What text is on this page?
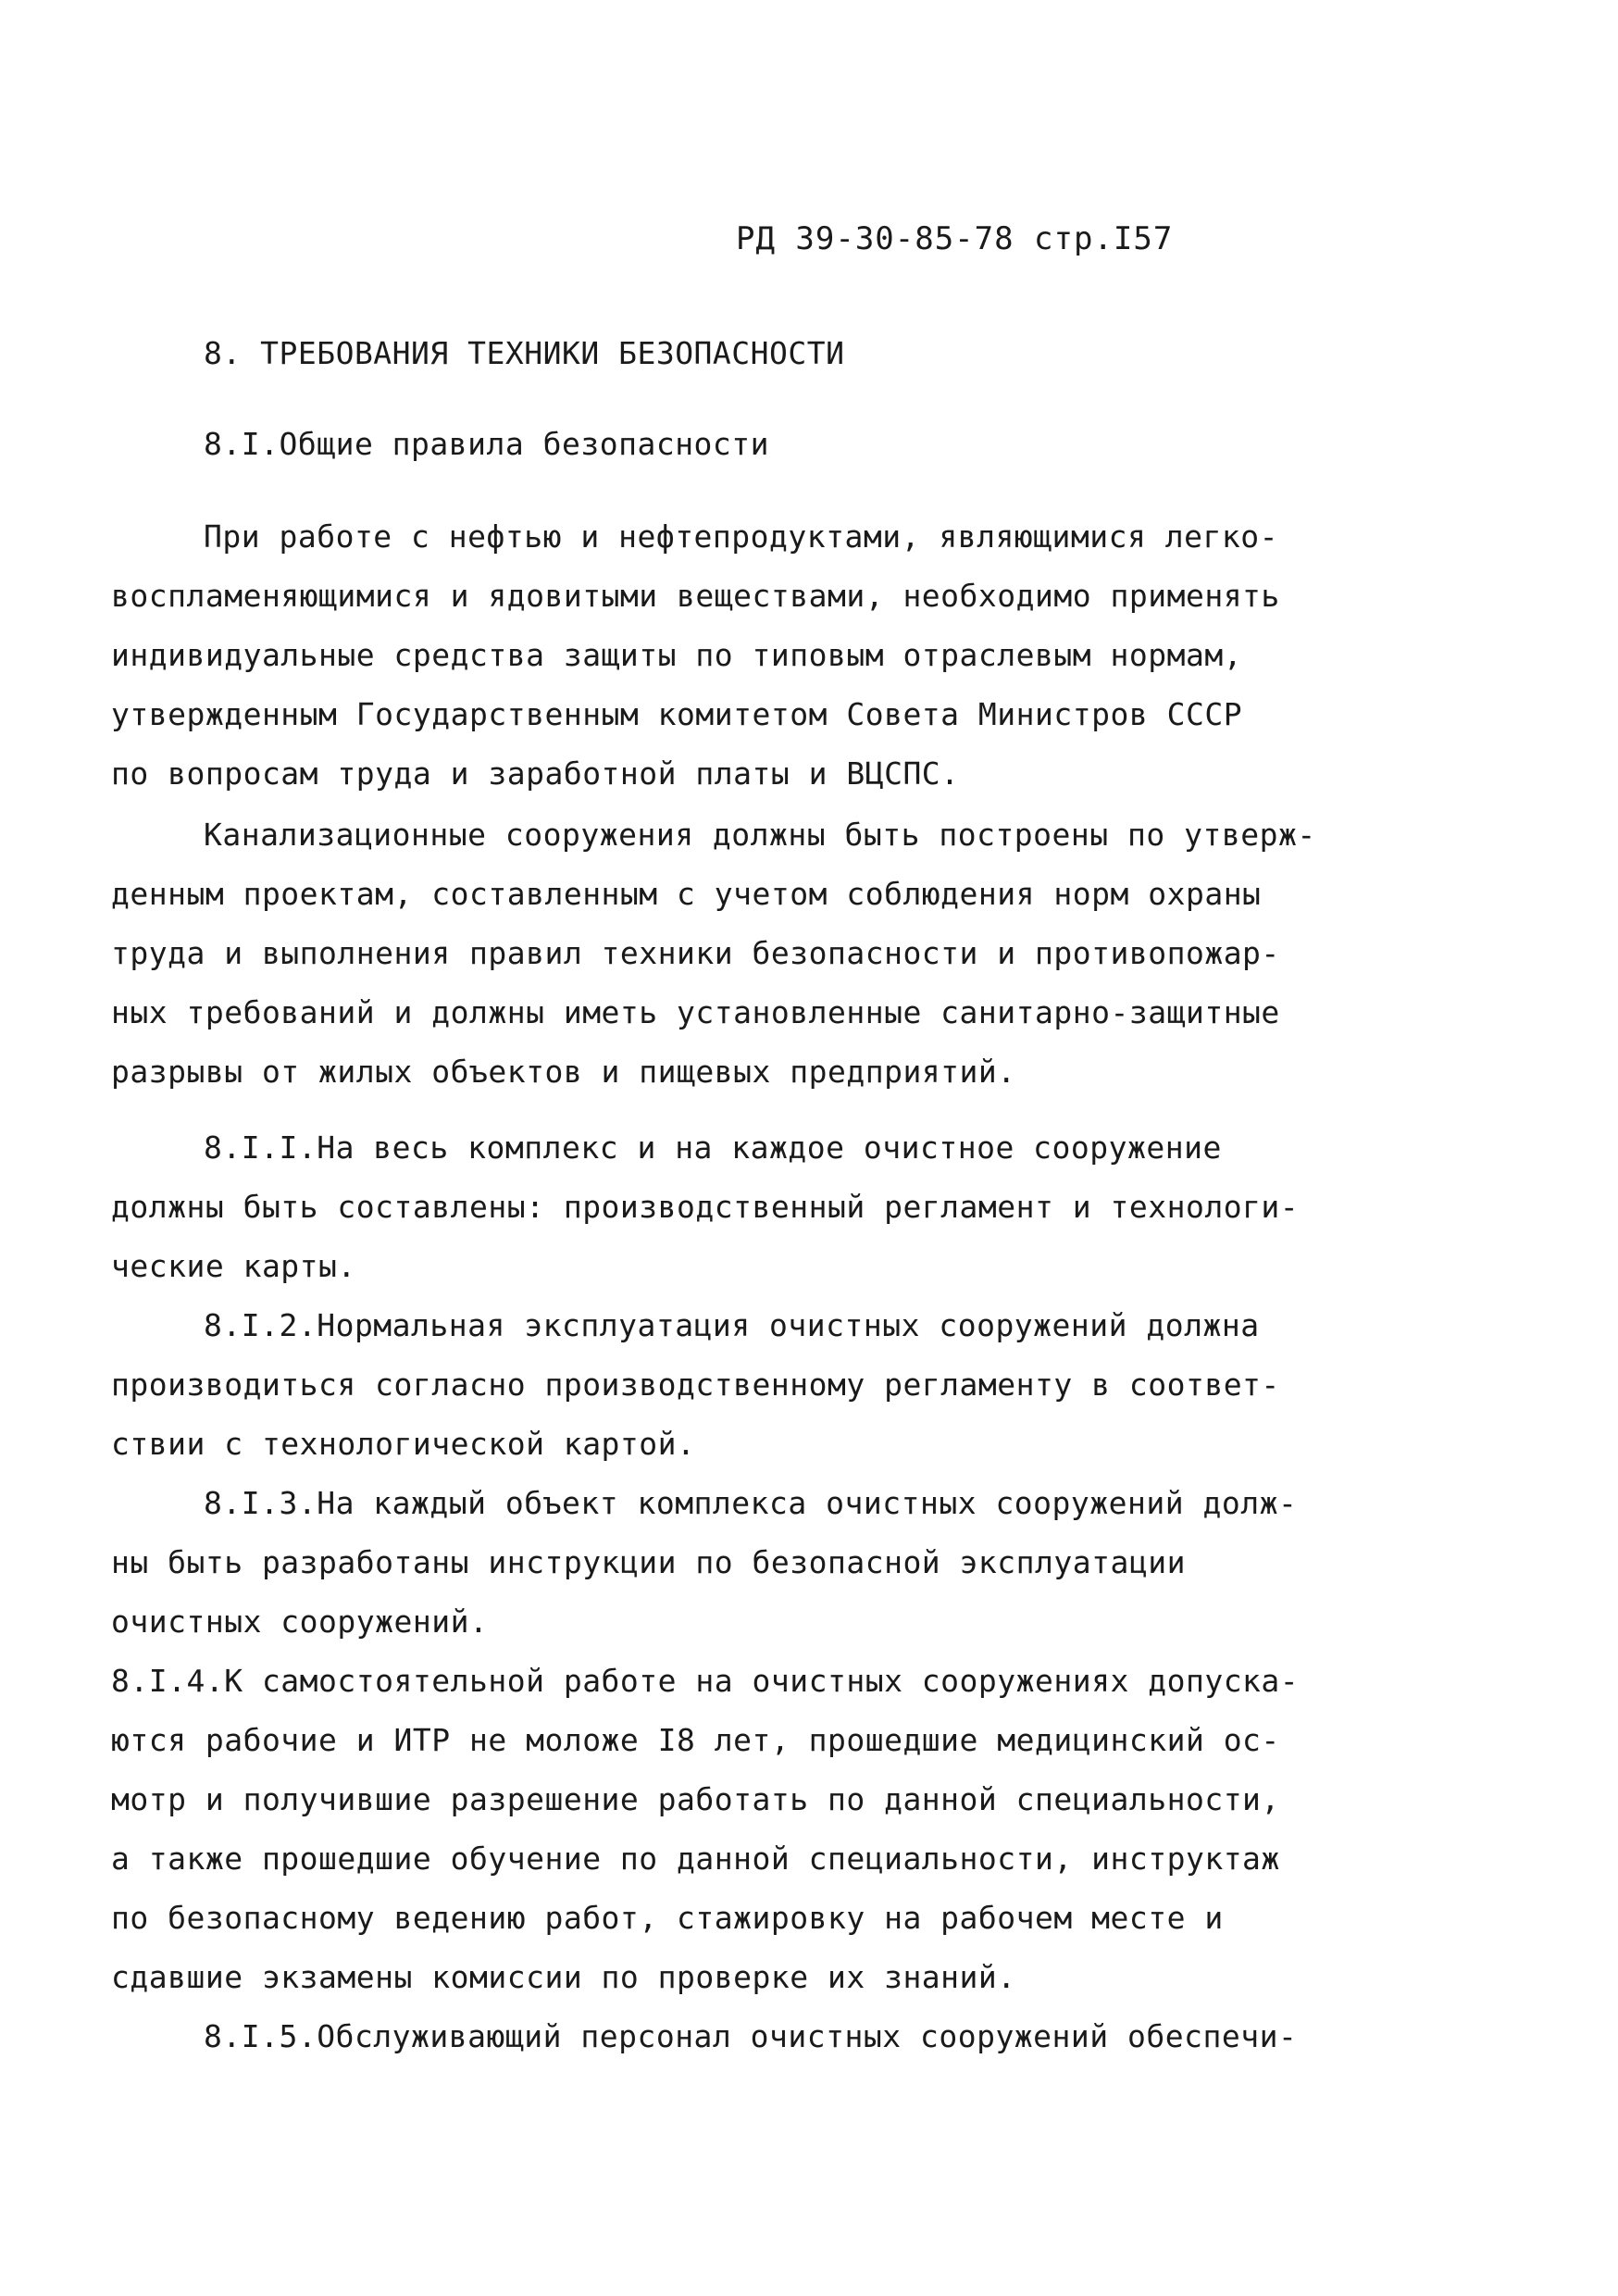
РД 39-30-85-78 стр.I57
8. ТРЕБОВАНИЯ ТЕХНИКИ БЕЗОПАСНОСТИ
8.I.Общие правила безопасности
При работе с нефтью и нефтепродуктами, являющимися легко-
воспламеняющимися и ядовитыми веществами, необходимо применять
индивидуальные средства защиты по типовым отраслевым нормам,
утвержденным Государственным комитетом Совета Министров СССР
по вопросам труда и заработной платы и ВЦСПС.
Канализационные сооружения должны быть построены по утверж-
денным проектам, составленным с учетом соблюдения норм охраны
труда и выполнения правил техники безопасности и противопожар-
ных требований и должны иметь установленные санитарно-защитные
разрывы от жилых объектов и пищевых предприятий.
8.I.I.На весь комплекс и на каждое очистное сооружение
должны быть составлены: производственный регламент и технологи-
ческие карты.
8.I.2.Нормальная эксплуатация очистных сооружений должна
производиться согласно производственному регламенту в соответ-
ствии с технологической картой.
8.I.3.На каждый объект комплекса очистных сооружений долж-
ны быть разработаны инструкции по безопасной эксплуатации
очистных сооружений.
8.I.4.К самостоятельной работе на очистных сооружениях допуска-
ются рабочие и ИТР не моложе I8 лет, прошедшие медицинский ос-
мотр и получившие разрешение работать по данной специальности,
а также прошедшие обучение по данной специальности, инструктаж
по безопасному ведению работ, стажировку на рабочем месте и
сдавшие экзамены комиссии по проверке их знаний.
8.I.5.Обслуживающий персонал очистных сооружений обеспечи-
